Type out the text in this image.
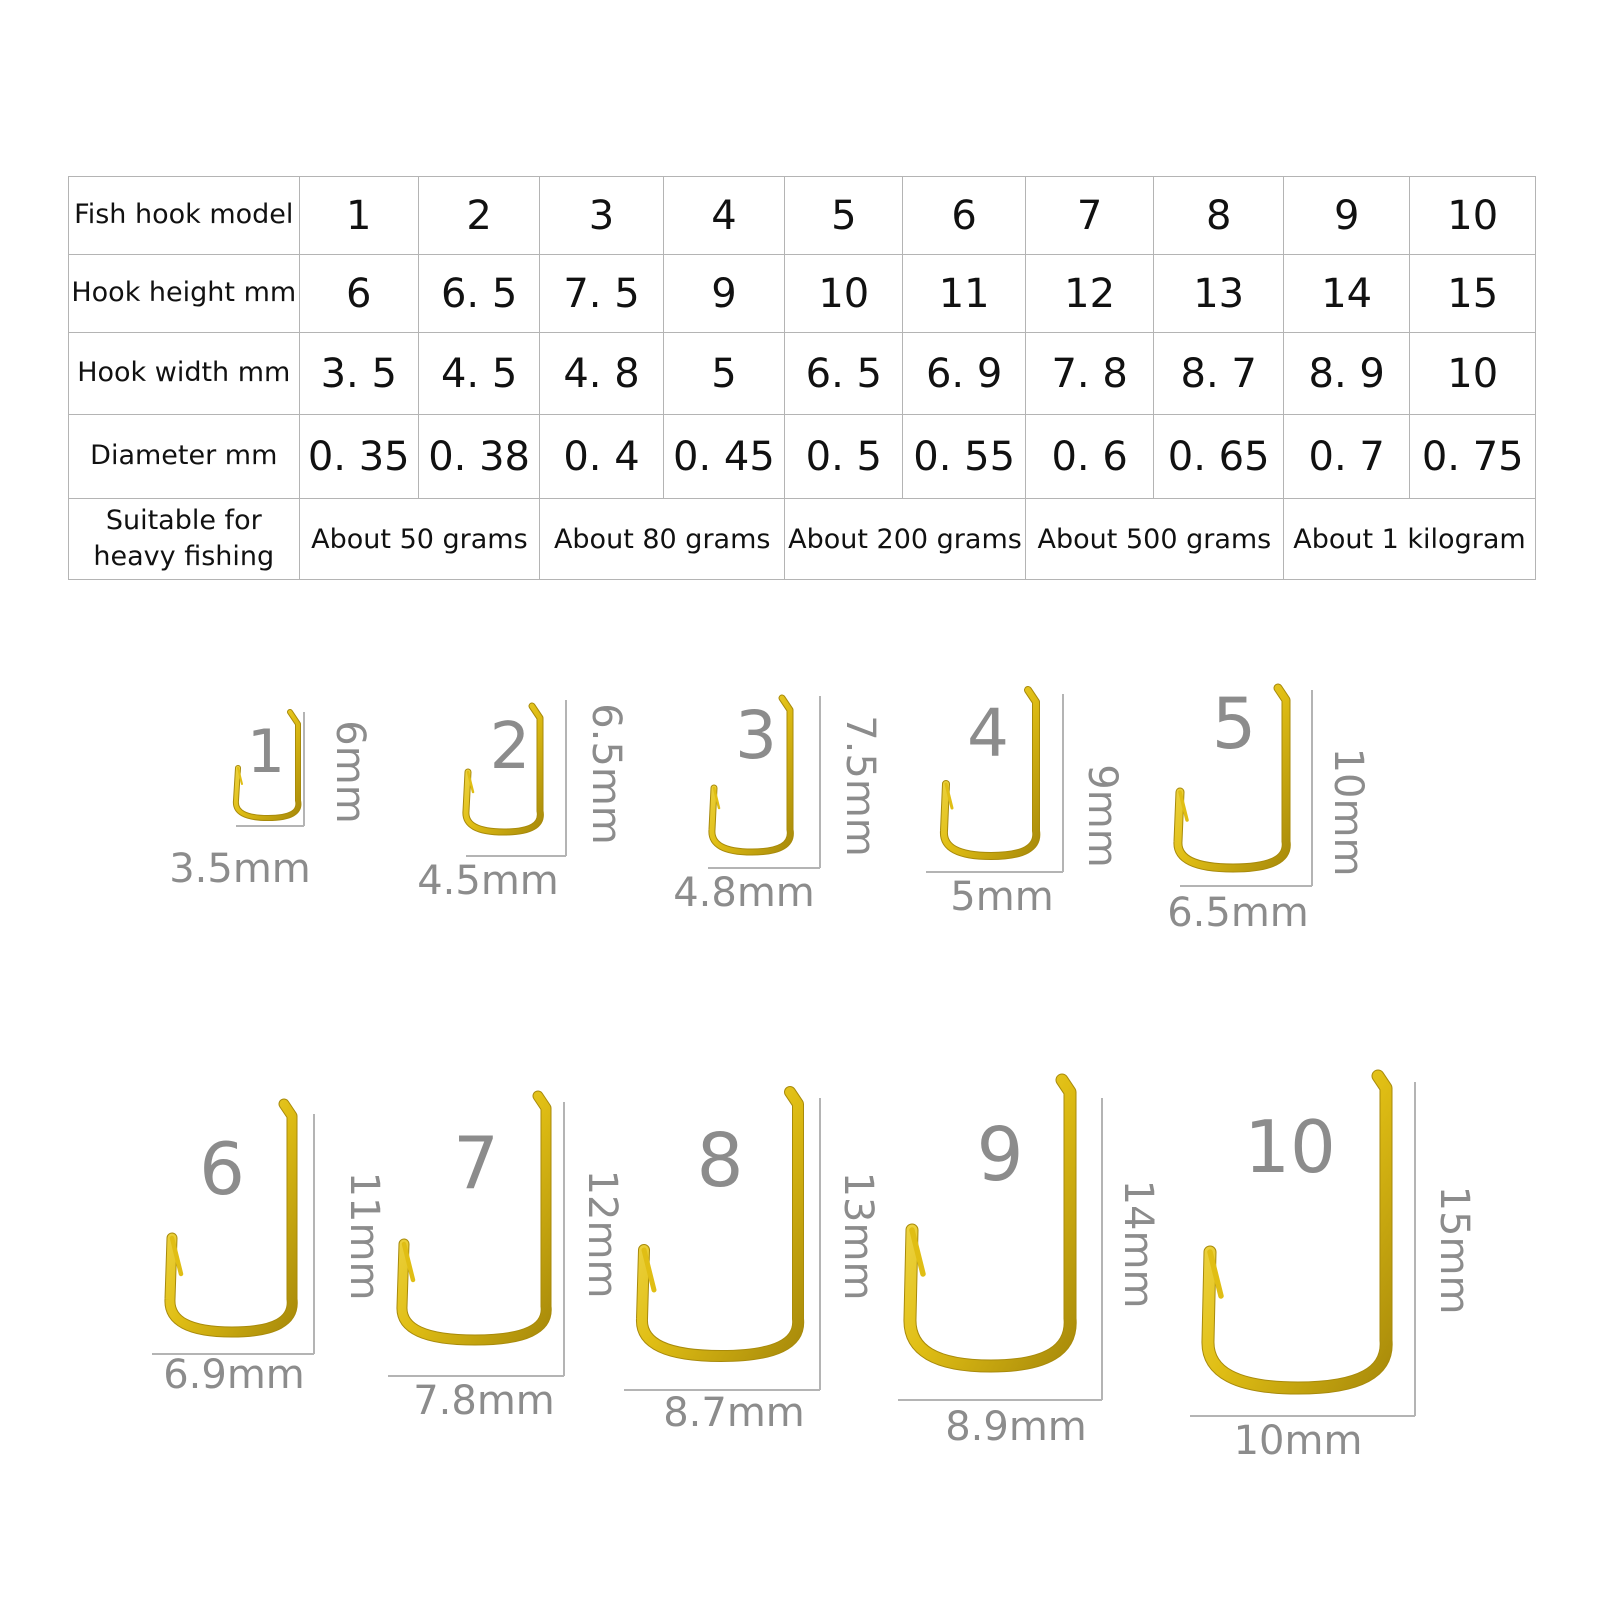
Fish hook model	1	2	3	4	5	6	7	8	9	10
Hook height mm	6	6. 5	7. 5	9	10	11	12	13	14	15
Hook width mm	3. 5	4. 5	4. 8	5	6. 5	6. 9	7. 8	8. 7	8. 9	10
Diameter mm	0. 35	0. 38	0. 4	0. 45	0. 5	0. 55	0. 6	0. 65	0. 7	0. 75
Suitable for heavy fishing	About 50 grams		About 80 grams		About 200 grams		About 500 grams		About 1 kilogram	
1
3.5mm
6mm 2
4.5mm
6.5mm 3
4.8mm
7.5mm 4
5mm
9mm
5
6.5mm
10mm
6
6.9mm
11mm
7
7.8mm
12mm
8
8.7mm
13mm
9
8.9mm
14mm
10
10mm
15mm
